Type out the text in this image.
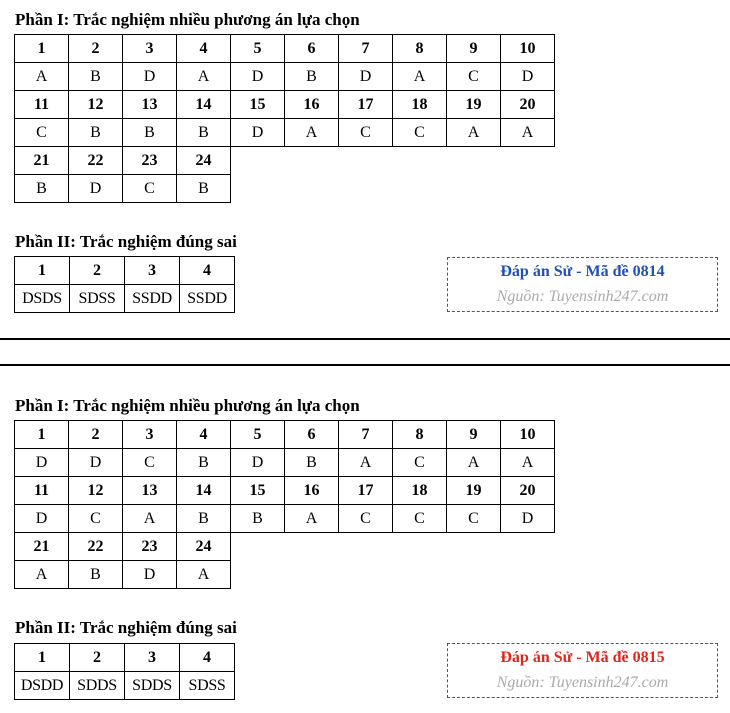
Phần I: Trắc nghiệm nhiều phương án lựa chọn
1	2	3	4	5	6	7	8	9	10
A	B	D	A	D	B	D	A	C	D
11	12	13	14	15	16	17	18	19	20
C	B	B	B	D	A	C	C	A	A
21	22	23	24						
B	D	C	B						
Phần II: Trắc nghiệm đúng sai
1	2	3	4
DSDS	SDSS	SSDD	SSDD
Đáp án Sử - Mã đề 0814
Nguồn: Tuyensinh247.com
Phần I: Trắc nghiệm nhiều phương án lựa chọn
1	2	3	4	5	6	7	8	9	10
D	D	C	B	D	B	A	C	A	A
11	12	13	14	15	16	17	18	19	20
D	C	A	B	B	A	C	C	C	D
21	22	23	24						
A	B	D	A						
Phần II: Trắc nghiệm đúng sai
1	2	3	4
DSDD	SDDS	SDDS	SDSS
Đáp án Sử - Mã đề 0815
Nguồn: Tuyensinh247.com
